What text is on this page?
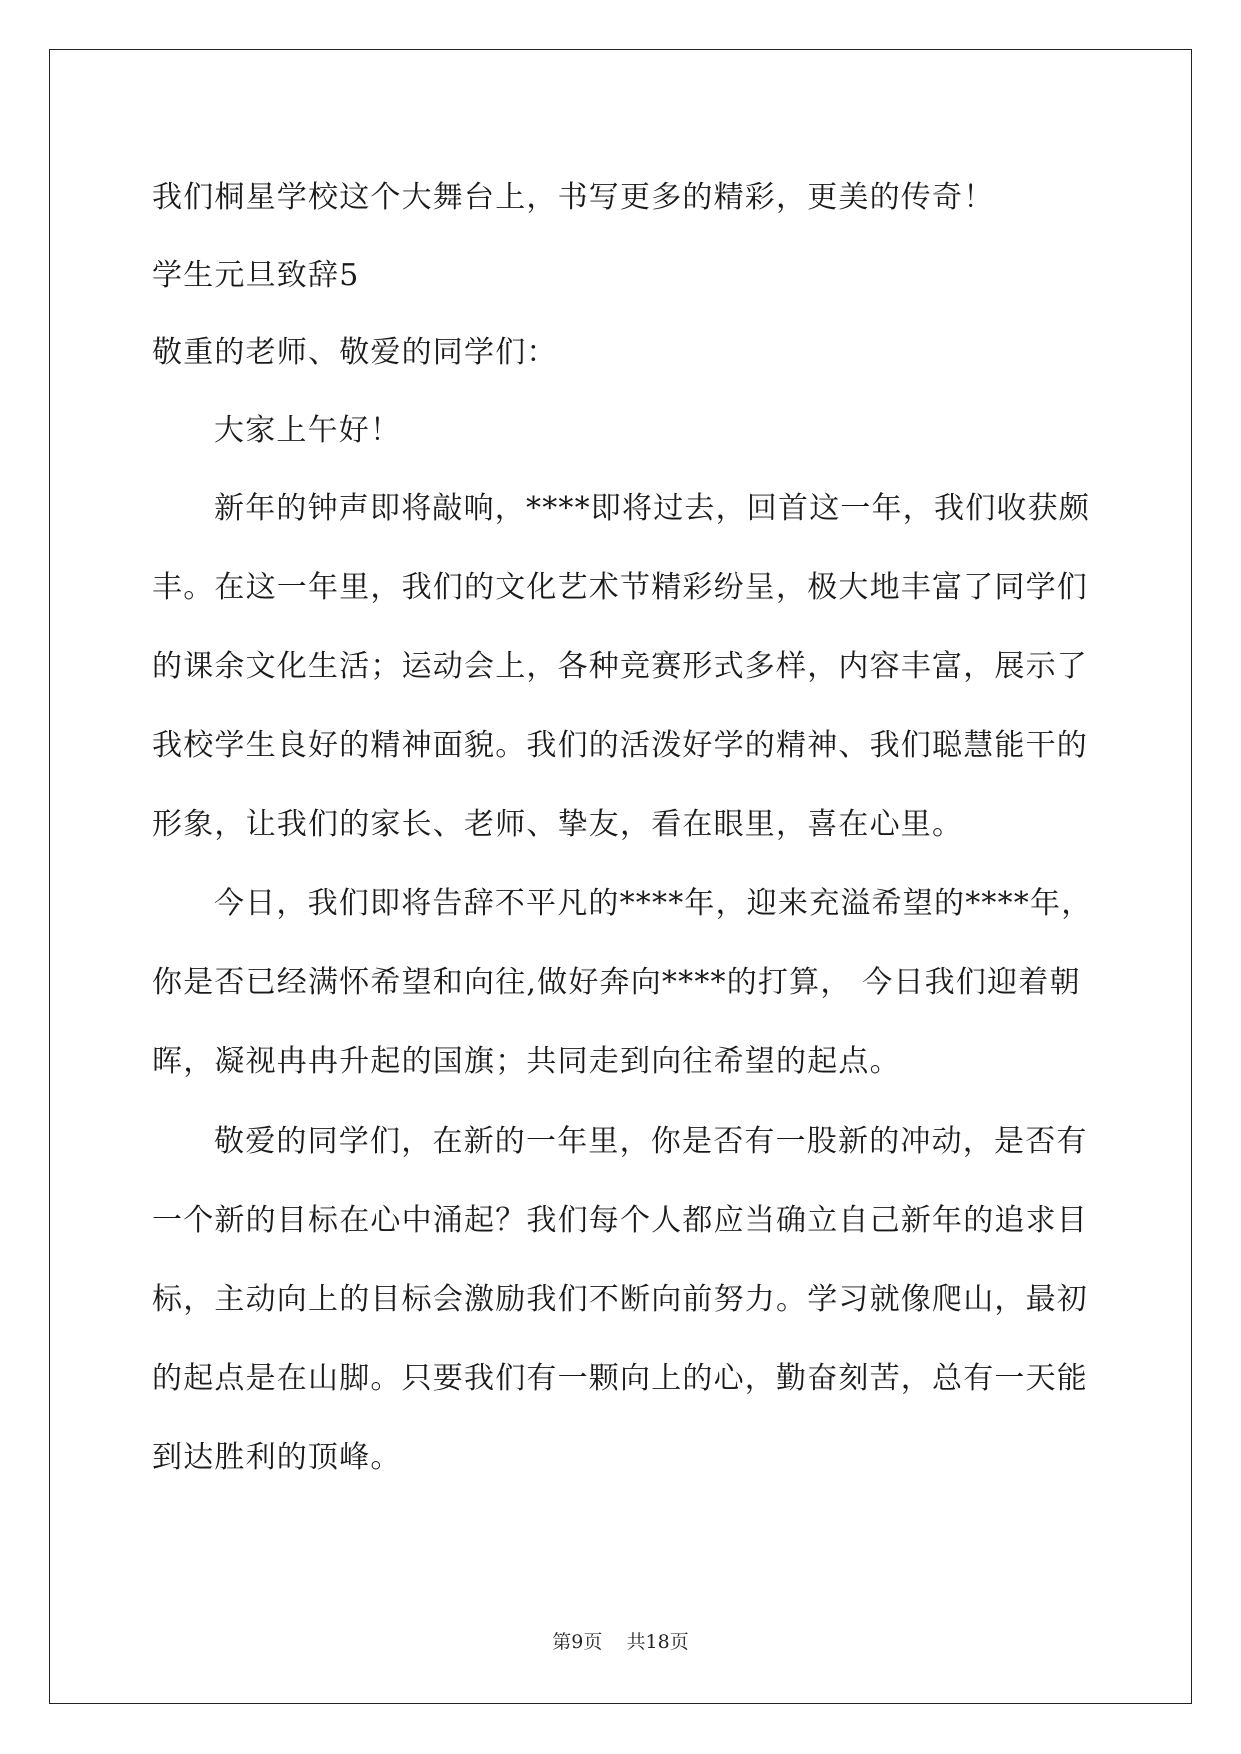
我们桐星学校这个大舞台上，书写更多的精彩，更美的传奇！
学生元旦致辞5
敬重的老师、敬爱的同学们：
大家上午好！
新年的钟声即将敲响，****即将过去，回首这一年，我们收获颇
丰。在这一年里，我们的文化艺术节精彩纷呈，极大地丰富了同学们
的课余文化生活；运动会上，各种竞赛形式多样，内容丰富，展示了
我校学生良好的精神面貌。我们的活泼好学的精神、我们聪慧能干的
形象，让我们的家长、老师、挚友，看在眼里，喜在心里。
今日，我们即将告辞不平凡的****年，迎来充溢希望的****年，
你是否已经满怀希望和向往,做好奔向****的打算， 今日我们迎着朝
晖，凝视冉冉升起的国旗；共同走到向往希望的起点。
敬爱的同学们，在新的一年里，你是否有一股新的冲动，是否有
一个新的目标在心中涌起？我们每个人都应当确立自己新年的追求目
标，主动向上的目标会激励我们不断向前努力。学习就像爬山，最初
的起点是在山脚。只要我们有一颗向上的心，勤奋刻苦，总有一天能
到达胜利的顶峰。
第9页 共18页
